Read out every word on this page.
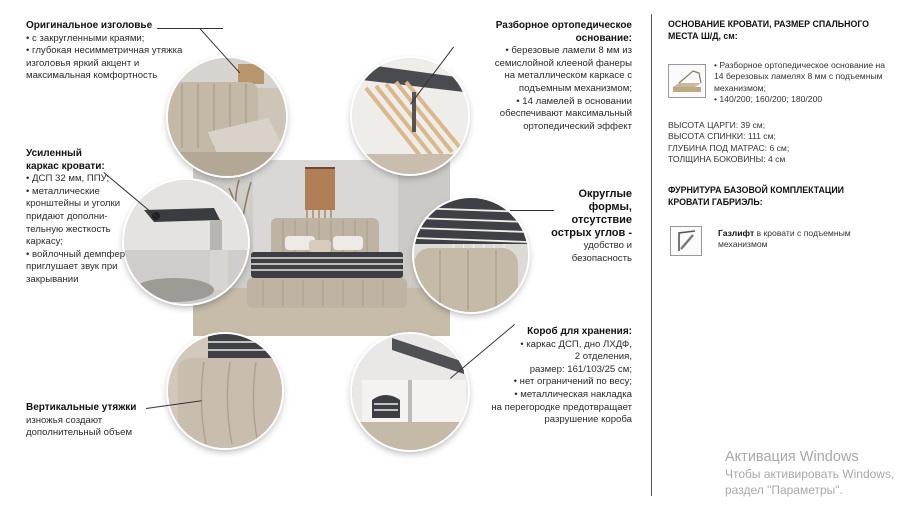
Оригинальное изголовье
• с закругленными краями;
• глубокая несимметричная утяжка
изголовья яркий акцент и
максимальная комфортность
Усиленный
каркас кровати:
• ДСП 32 мм, ППУ;
• металлические
кронштейны и уголки
придают дополни-
тельную жесткость
каркасу;
• войлочный демпфер
приглушает звук при
закрывании
Вертикальные утяжки
изножья создают
дополнительный объем
Разборное ортопедическое
основание:
• березовые ламели 8 мм из
семислойной клееной фанеры
на металлическом каркасе с
подъемным механизмом;
• 14 ламелей в основании
обеспечивают максимальный
ортопедический эффект
Округлые
формы,
отсутствие
острых углов -
удобство и
безопасность
Короб для хранения:
• каркас ДСП, дно ЛХДФ,
2 отделения,
размер: 161/103/25 см;
• нет ограничений по весу;
• металлическая накладка
на перегородке предотвращает
разрушение короба
ОСНОВАНИЕ КРОВАТИ, РАЗМЕР СПАЛЬНОГО
МЕСТА Ш/Д, см:
• Разборное ортопедическое основание на
14 березовых ламелях 8 мм с подъемным
механизмом;
• 140/200; 160/200; 180/200
ВЫСОТА ЦАРГИ: 39 см;
ВЫСОТА СПИНКИ: 111 см;
ГЛУБИНА ПОД МАТРАС: 6 см;
ТОЛЩИНА БОКОВИНЫ: 4 см
ФУРНИТУРА БАЗОВОЙ КОМПЛЕКТАЦИИ
КРОВАТИ ГАБРИЭЛЬ:
Газлифт в кровати с подъемным
механизмом
Активация Windows
Чтобы активировать Windows,
раздел "Параметры".
